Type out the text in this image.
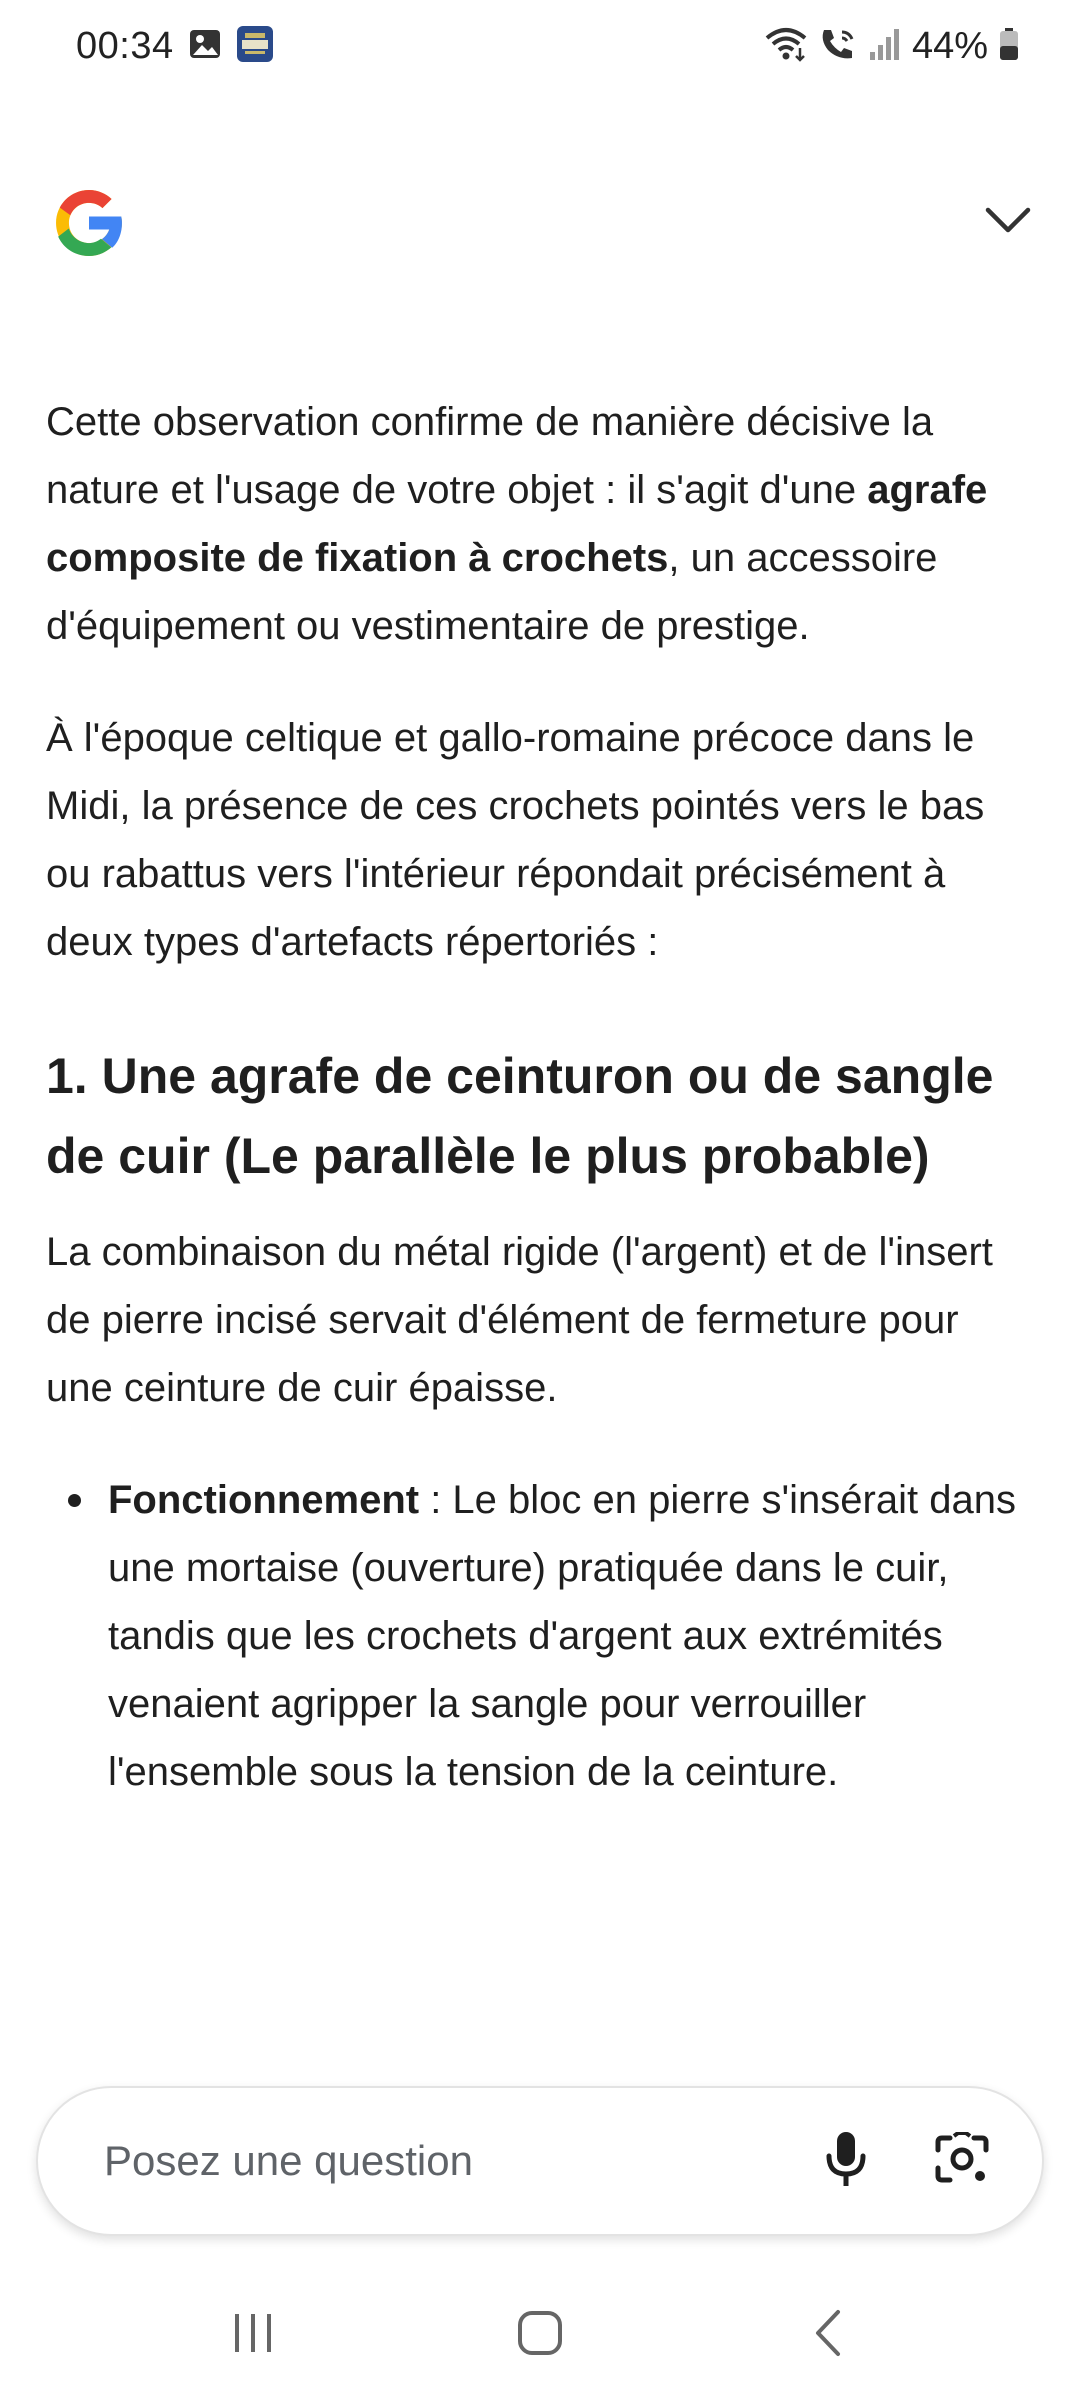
00:34	44%

Cette observation confirme de manière décisive la nature et l'usage de votre objet : il s'agit d'une agrafe composite de fixation à crochets, un accessoire d'équipement ou vestimentaire de prestige.

À l'époque celtique et gallo-romaine précoce dans le Midi, la présence de ces crochets pointés vers le bas ou rabattus vers l'intérieur répondait précisément à deux types d'artefacts répertoriés :

1. Une agrafe de ceinturon ou de sangle de cuir (Le parallèle le plus probable)

La combinaison du métal rigide (l'argent) et de l'insert de pierre incisé servait d'élément de fermeture pour une ceinture de cuir épaisse.

Fonctionnement : Le bloc en pierre s'insérait dans une mortaise (ouverture) pratiquée dans le cuir, tandis que les crochets d'argent aux extrémités venaient agripper la sangle pour verrouiller l'ensemble sous la tension de la ceinture.
Posez une question
